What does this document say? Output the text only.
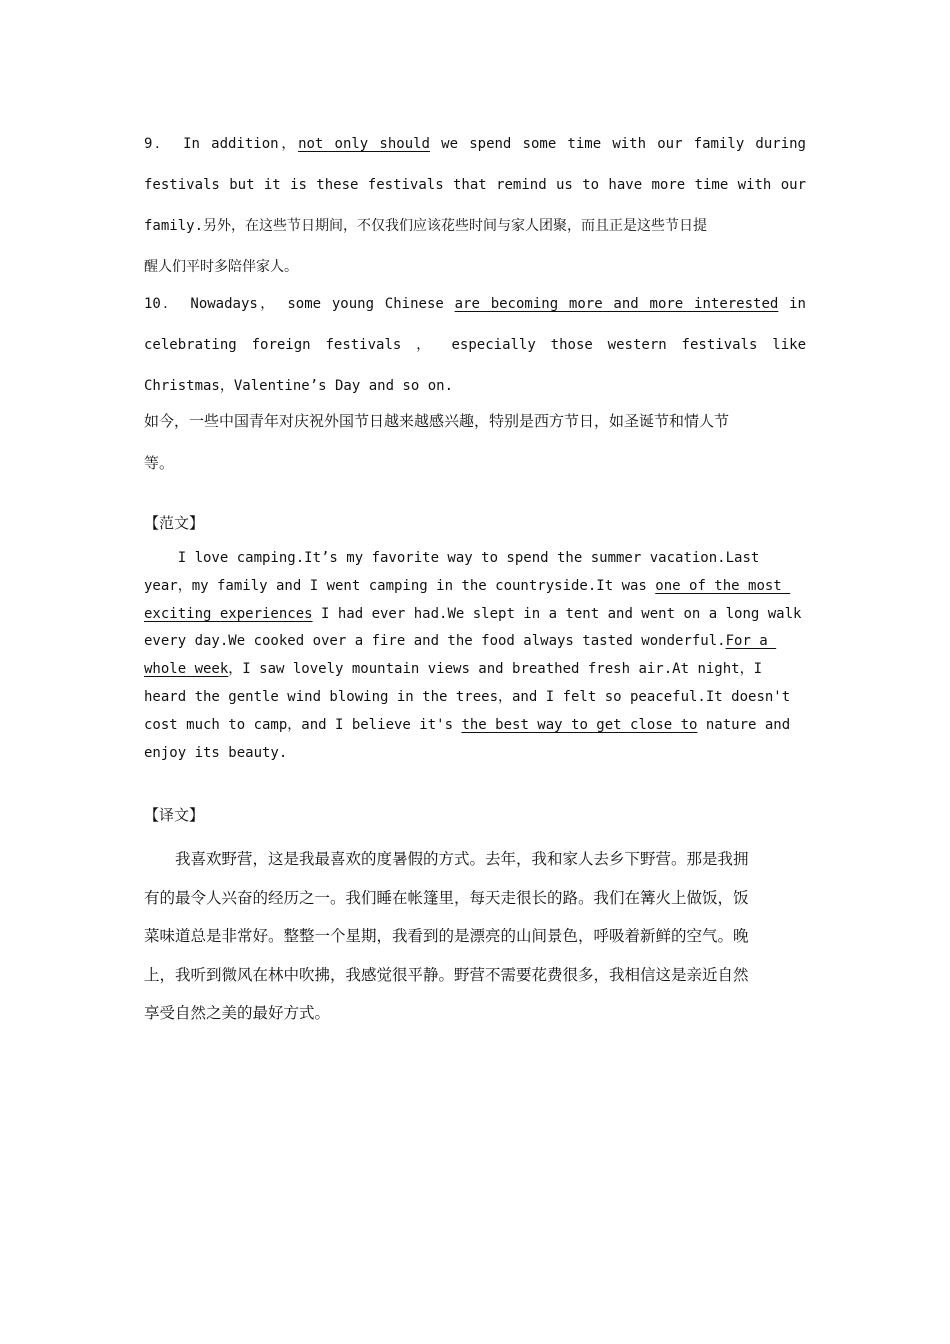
9． In addition，not only should we spend some time with our family during
festivals but it is these festivals that remind us to have more time with our
family.另外，在这些节日期间，不仅我们应该花些时间与家人团聚，而且正是这些节日提
醒人们平时多陪伴家人。
10． Nowadays， some young Chinese are becoming more and more interested in
celebrating foreign festivals ， especially those western festivals like
Christmas，Valentine’s Day and so on.
如今，一些中国青年对庆祝外国节日越来越感兴趣，特别是西方节日，如圣诞节和情人节
等。
【范文】
I love camping.It’s my favorite way to spend the summer vacation.Last
year，my family and I went camping in the countryside.It was one of the most
exciting experiences I had ever had.We slept in a tent and went on a long walk
every day.We cooked over a fire and the food always tasted wonderful.For a
whole week，I saw lovely mountain views and breathed fresh air.At night，I
heard the gentle wind blowing in the trees，and I felt so peaceful.It doesn't
cost much to camp，and I believe it's the best way to get close to nature and
enjoy its beauty.
【译文】
我喜欢野营，这是我最喜欢的度暑假的方式。去年，我和家人去乡下野营。那是我拥
有的最令人兴奋的经历之一。我们睡在帐篷里，每天走很长的路。我们在篝火上做饭，饭
菜味道总是非常好。整整一个星期，我看到的是漂亮的山间景色，呼吸着新鲜的空气。晚
上，我听到微风在林中吹拂，我感觉很平静。野营不需要花费很多，我相信这是亲近自然
享受自然之美的最好方式。
